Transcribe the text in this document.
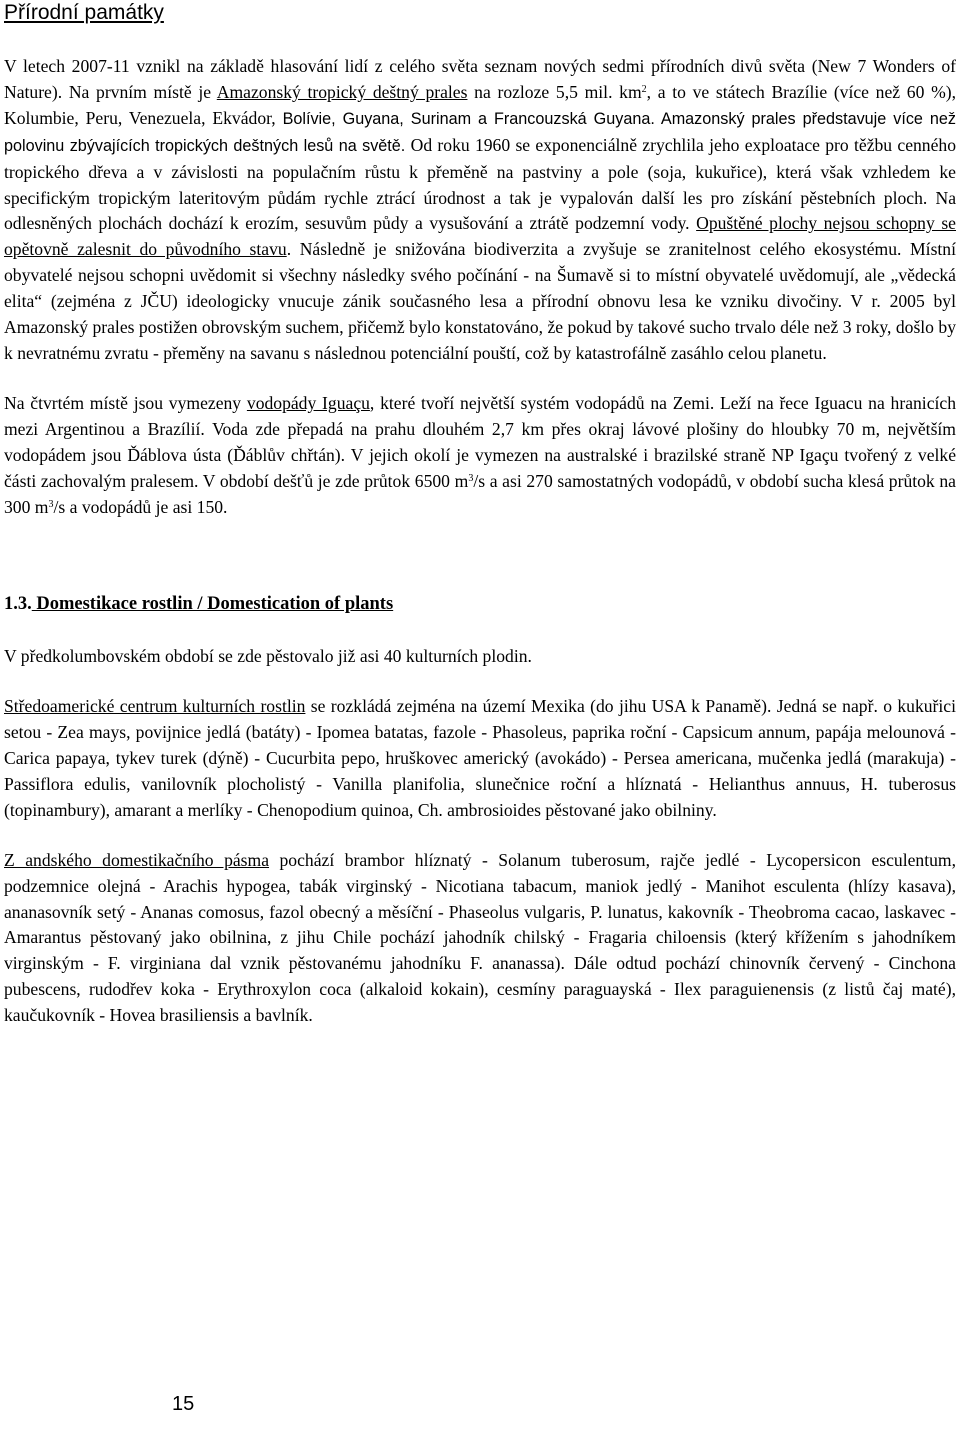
Přírodní památky

V letech 2007-11 vznikl na základě hlasování lidí z celého světa seznam nových sedmi přírodních divů světa (New 7 Wonders of Nature). Na prvním místě je Amazonský tropický deštný prales na rozloze 5,5 mil. $km^2$, a to ve státech Brazílie (více než 60 %), Kolumbie, Peru, Venezuela, Ekvádor, Bolívie, Guyana, Surinam a Francouzská Guyana. Amazonský prales představuje více než polovinu zbývajících tropických deštných lesů na světě. Od roku 1960 se exponenciálně zrychlila jeho exploatace pro těžbu cenného tropického dřeva a v závislosti na populačním růstu k přeměně na pastviny a pole (soja, kukuřice), která však vzhledem ke specifickým tropickým lateritovým půdám rychle ztrácí úrodnost a tak je vypalován další les pro získání pěstebních ploch. Na odlesněných plochách dochází k erozím, sesuvům půdy a vysušování a ztrátě podzemní vody. Opuštěné plochy nejsou schopny se opětovně zalesnit do původního stavu. Následně je snižována biodiverzita a zvyšuje se zranitelnost celého ekosystému. Místní obyvatelé nejsou schopni uvědomit si všechny následky svého počínání - na Šumavě si to místní obyvatelé uvědomují, ale „vědecká elita“ (zejména z JČU) ideologicky vnucuje zánik současného lesa a přírodní obnovu lesa ke vzniku divočiny. V r. 2005 byl Amazonský prales postižen obrovským suchem, přičemž bylo konstatováno, že pokud by takové sucho trvalo déle než 3 roky, došlo by k nevratnému zvratu - přeměny na savanu s následnou potenciální pouští, což by katastrofálně zasáhlo celou planetu.

Na čtvrtém místě jsou vymezeny vodopády Iguaçu, které tvoří největší systém vodopádů na Zemi. Leží na řece Iguacu na hranicích mezi Argentinou a Brazílií. Voda zde přepadá na prahu dlouhém 2,7 km přes okraj lávové plošiny do hloubky 70 m, největším vodopádem jsou Ďáblova ústa (Ďáblův chřtán). V jejich okolí je vymezen na australské i brazilské straně NP Igaçu tvořený z velké části zachovalým pralesem. V období dešťů je zde průtok 6500 $m^3/s$ a asi 270 samostatných vodopádů, v období sucha klesá průtok na 300 $m^3/s$ a vodopádů je asi 150.

1.3. Domestikace rostlin / Domestication of plants

V předkolumbovském období se zde pěstovalo již asi 40 kulturních plodin.

Středoamerické centrum kulturních rostlin se rozkládá zejména na území Mexika (do jihu USA k Panamě). Jedná se např. o kukuřici setou - Zea mays, povijnice jedlá (batáty) - Ipomea batatas, fazole - Phasoleus, paprika roční - Capsicum annum, papája melounová - Carica papaya, tykev turek (dýně) - Cucurbita pepo, hruškovec americký (avokádo) - Persea americana, mučenka jedlá (marakuja) - Passiflora edulis, vanilovník plocholistý - Vanilla planifolia, slunečnice roční a hlíznatá - Helianthus annuus, H. tuberosus (topinambury), amarant a merlíky - Chenopodium quinoa, Ch. ambrosioides pěstované jako obilniny.

Z andského domestikačního pásma pochází brambor hlíznatý - Solanum tuberosum, rajče jedlé - Lycopersicon esculentum, podzemnice olejná - Arachis hypogea, tabák virginský - Nicotiana tabacum, maniok jedlý - Manihot esculenta (hlízy kasava), ananasovník setý - Ananas comosus, fazol obecný a měsíční - Phaseolus vulgaris, P. lunatus, kakovník - Theobroma cacao, laskavec - Amarantus pěstovaný jako obilnina, z jihu Chile pochází jahodník chilský - Fragaria chiloensis (který křížením s jahodníkem virginským - F. virginiana dal vznik pěstovanému jahodníku F. ananassa). Dále odtud pochází chinovník červený - Cinchona pubescens, rudodřev koka - Erythroxylon coca (alkaloid kokain), cesmíny paraguayská - Ilex paraguienensis (z listů čaj maté), kaučukovník - Hovea brasiliensis a bavlník.

15
